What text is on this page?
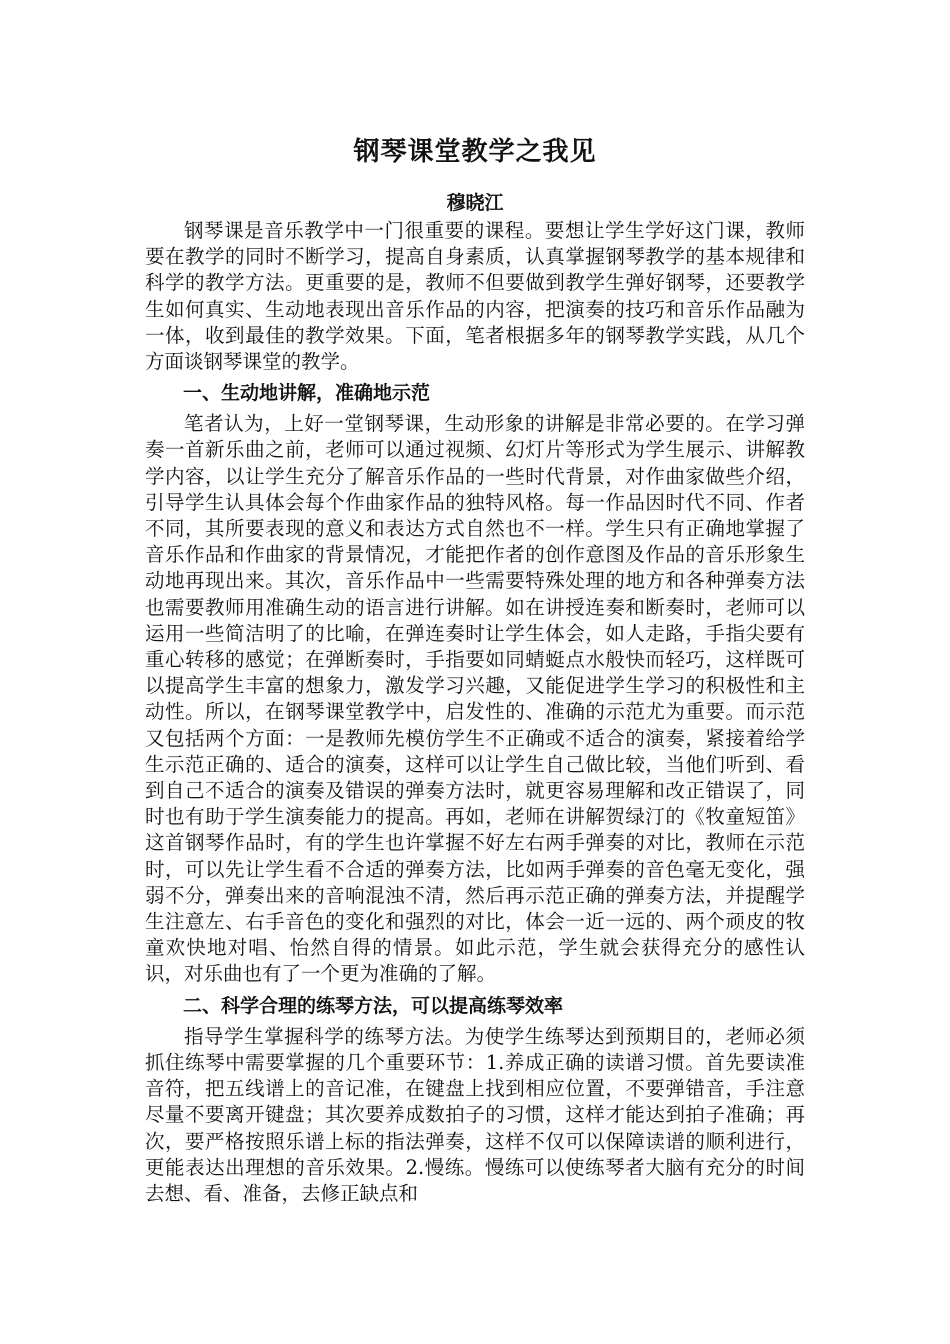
钢琴课堂教学之我见
穆晓江

钢琴课是音乐教学中一门很重要的课程。要想让学生学好这门课，教师要在教学的同时不断学习，提高自身素质，认真掌握钢琴教学的基本规律和科学的教学方法。更重要的是，教师不但要做到教学生弹好钢琴，还要教学生如何真实、生动地表现出音乐作品的内容，把演奏的技巧和音乐作品融为一体，收到最佳的教学效果。下面，笔者根据多年的钢琴教学实践，从几个方面谈钢琴课堂的教学。

一、生动地讲解，准确地示范

笔者认为，上好一堂钢琴课，生动形象的讲解是非常必要的。在学习弹奏一首新乐曲之前，老师可以通过视频、幻灯片等形式为学生展示、讲解教学内容，以让学生充分了解音乐作品的一些时代背景，对作曲家做些介绍，引导学生认具体会每个作曲家作品的独特风格。每一作品因时代不同、作者不同，其所要表现的意义和表达方式自然也不一样。学生只有正确地掌握了音乐作品和作曲家的背景情况，才能把作者的创作意图及作品的音乐形象生动地再现出来。其次，音乐作品中一些需要特殊处理的地方和各种弹奏方法也需要教师用准确生动的语言进行讲解。如在讲授连奏和断奏时，老师可以运用一些简洁明了的比喻，在弹连奏时让学生体会，如人走路，手指尖要有重心转移的感觉；在弹断奏时，手指要如同蜻蜓点水般快而轻巧，这样既可以提高学生丰富的想象力，激发学习兴趣，又能促进学生学习的积极性和主动性。所以，在钢琴课堂教学中，启发性的、准确的示范尤为重要。而示范又包括两个方面：一是教师先模仿学生不正确或不适合的演奏，紧接着给学生示范正确的、适合的演奏，这样可以让学生自己做比较，当他们听到、看到自己不适合的演奏及错误的弹奏方法时，就更容易理解和改正错误了，同时也有助于学生演奏能力的提高。再如，老师在讲解贺绿汀的《牧童短笛》这首钢琴作品时，有的学生也许掌握不好左右两手弹奏的对比，教师在示范时，可以先让学生看不合适的弹奏方法，比如两手弹奏的音色毫无变化，强弱不分，弹奏出来的音响混浊不清，然后再示范正确的弹奏方法，并提醒学生注意左、右手音色的变化和强烈的对比，体会一近一远的、两个顽皮的牧童欢快地对唱、怡然自得的情景。如此示范，学生就会获得充分的感性认识，对乐曲也有了一个更为准确的了解。

二、科学合理的练琴方法，可以提高练琴效率

指导学生掌握科学的练琴方法。为使学生练琴达到预期目的，老师必须抓住练琴中需要掌握的几个重要环节：1.养成正确的读谱习惯。首先要读准音符，把五线谱上的音记准，在键盘上找到相应位置，不要弹错音，手注意尽量不要离开键盘；其次要养成数拍子的习惯，这样才能达到拍子准确；再次，要严格按照乐谱上标的指法弹奏，这样不仅可以保障读谱的顺利进行，更能表达出理想的音乐效果。2.慢练。慢练可以使练琴者大脑有充分的时间去想、看、准备，去修正缺点和
